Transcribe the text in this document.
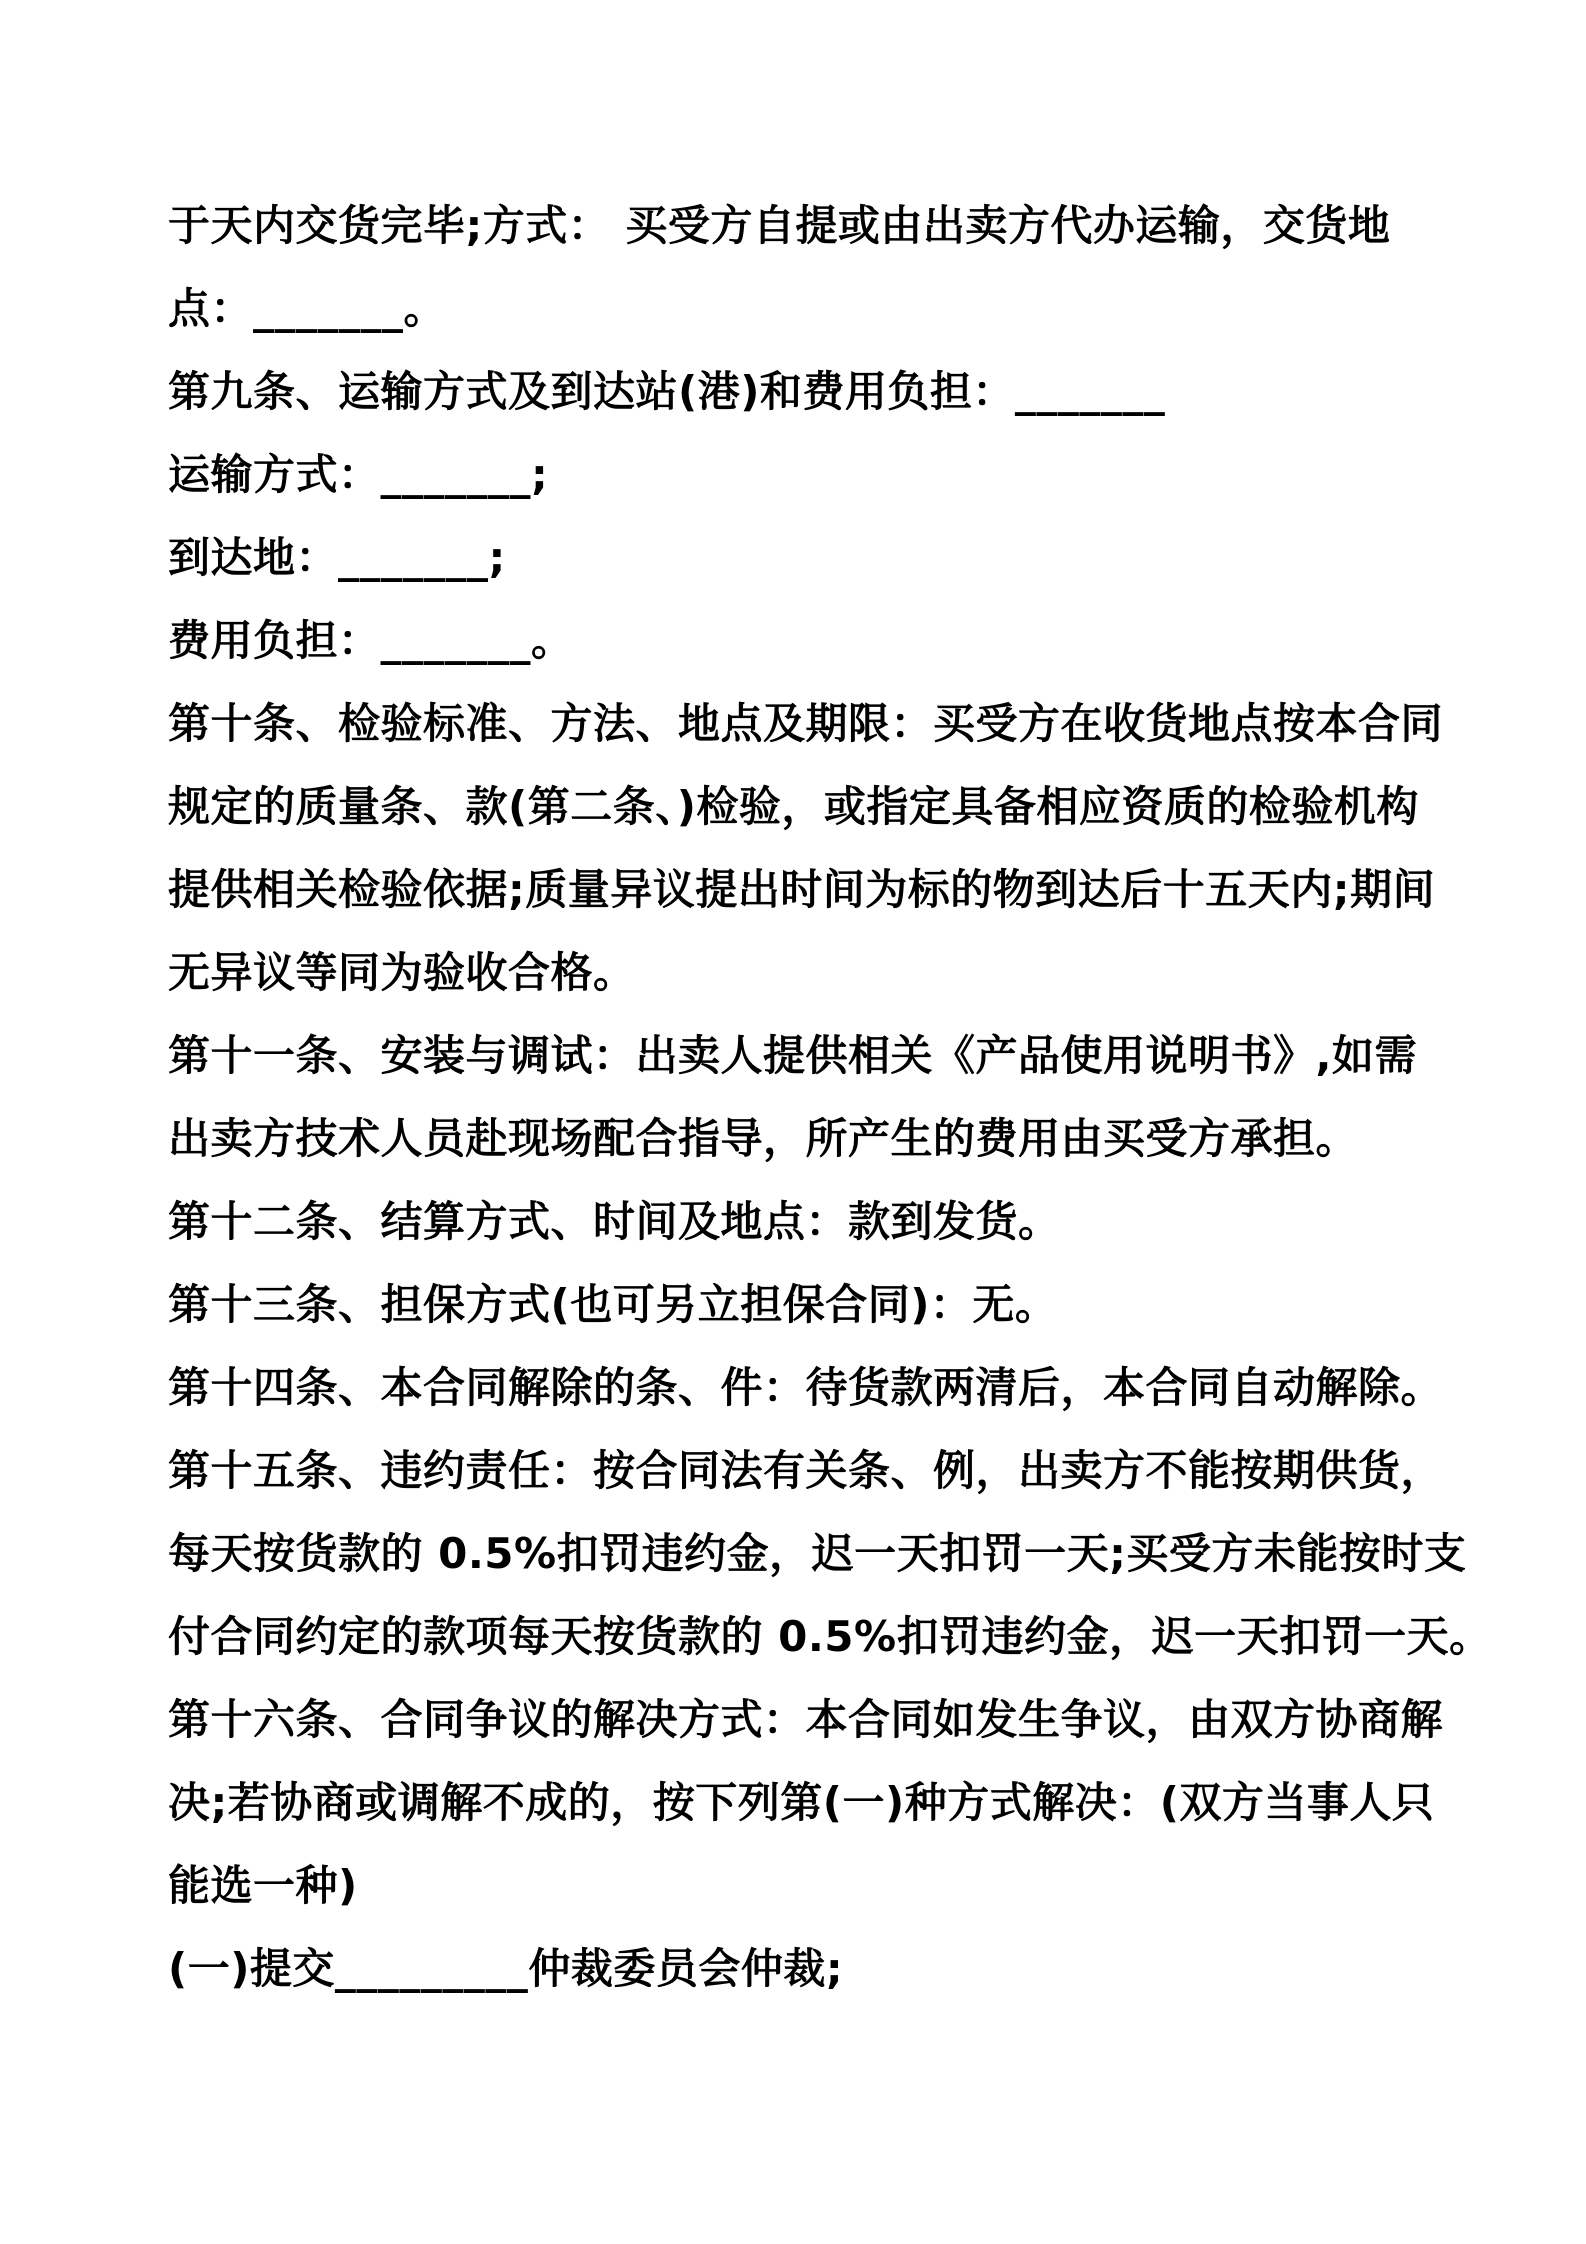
于天内交货完毕;方式： 买受方自提或由出卖方代办运输，交货地
点：_______。
第九条、运输方式及到达站(港)和费用负担：_______
运输方式：_______;
到达地：_______;
费用负担：_______。
第十条、检验标准、方法、地点及期限：买受方在收货地点按本合同
规定的质量条、款(第二条、)检验，或指定具备相应资质的检验机构
提供相关检验依据;质量异议提出时间为标的物到达后十五天内;期间
无异议等同为验收合格。
第十一条、安装与调试：出卖人提供相关《产品使用说明书》,如需
出卖方技术人员赴现场配合指导，所产生的费用由买受方承担。
第十二条、结算方式、时间及地点：款到发货。
第十三条、担保方式(也可另立担保合同)：无。
第十四条、本合同解除的条、件：待货款两清后，本合同自动解除。
第十五条、违约责任：按合同法有关条、例，出卖方不能按期供货，
每天按货款的 0.5%扣罚违约金，迟一天扣罚一天;买受方未能按时支
付合同约定的款项每天按货款的 0.5%扣罚违约金，迟一天扣罚一天。
第十六条、合同争议的解决方式：本合同如发生争议，由双方协商解
决;若协商或调解不成的，按下列第(一)种方式解决：(双方当事人只
能选一种)
(一)提交_________仲裁委员会仲裁;
